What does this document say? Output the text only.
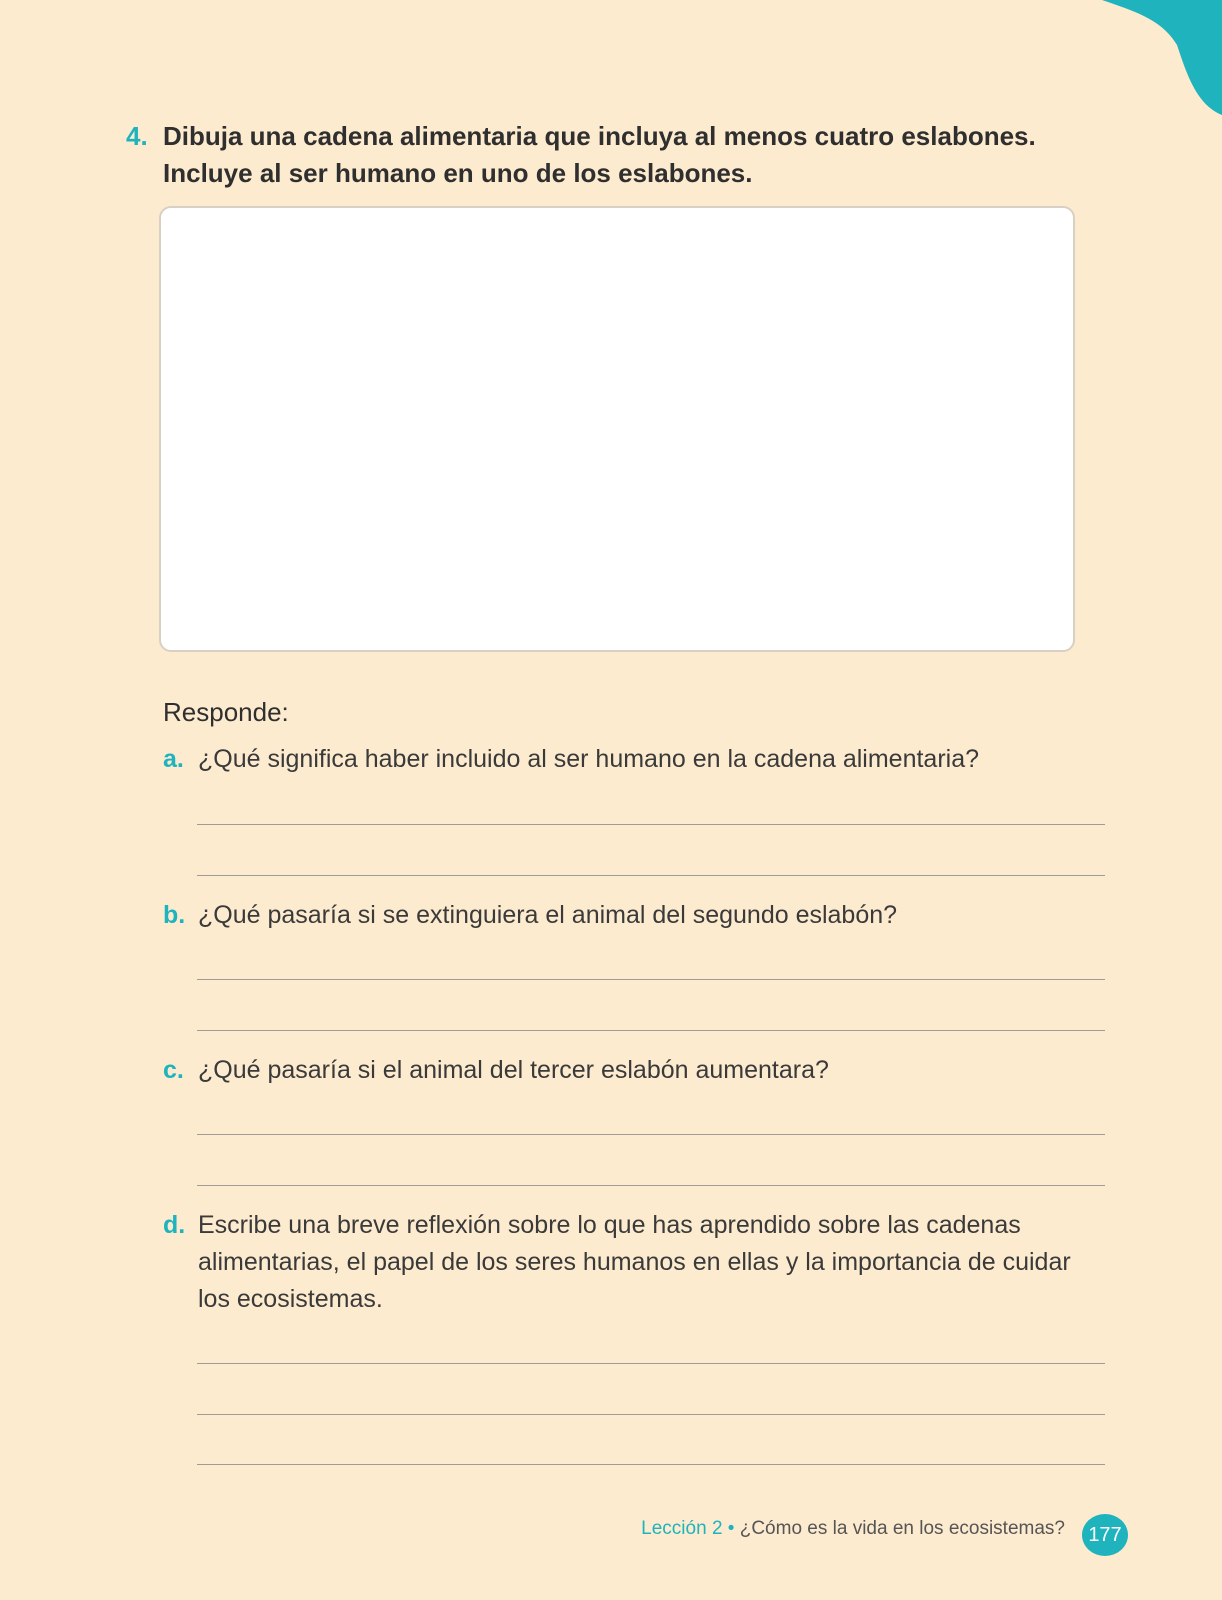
4. Dibuja una cadena alimentaria que incluya al menos cuatro eslabones.
Incluye al ser humano en uno de los eslabones.
Responde:
a. ¿Qué significa haber incluido al ser humano en la cadena alimentaria?
b. ¿Qué pasaría si se extinguiera el animal del segundo eslabón?
c. ¿Qué pasaría si el animal del tercer eslabón aumentara?
d. Escribe una breve reflexión sobre lo que has aprendido sobre las cadenas alimentarias, el papel de los seres humanos en ellas y la importancia de cuidar los ecosistemas.
Lección 2 • ¿Cómo es la vida en los ecosistemas?	177
